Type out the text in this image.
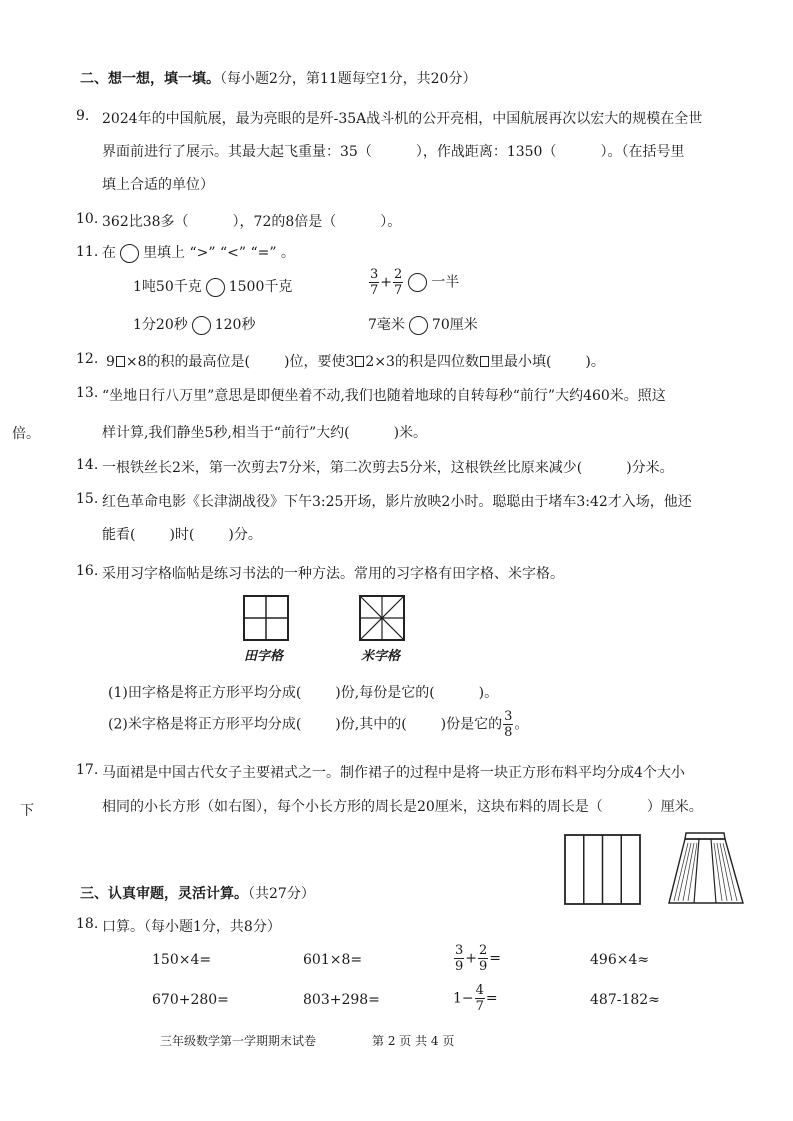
二、想一想，填一填。（每小题2分，第11题每空1分，共20分）
9. 2024年的中国航展，最为亮眼的是歼-35A战斗机的公开亮相，中国航展再次以宏大的规模在全世
界面前进行了展示。其最大起飞重量：35（	），作战距离：1350（	）。（在括号里
填上合适的单位）
10. 362比38多（	），72的8倍是（	）。
11. 在 里填上 “>” “<” “=” 。
1吨50千克 1500千克	$\frac{3}{7} + \frac{2}{7}$ 一半
1分20秒 120秒	7毫米 70厘米
12. 9 ×8的积的最高位是( )位，要使3 2×3的积是四位数 里最小填( )。
13. “坐地日行八万里”意思是即便坐着不动,我们也随着地球的自转每秒“前行”大约460米。照这
样计算,我们静坐5秒,相当于“前行”大约(	)米。
倍。
14. 一根铁丝长2米，第一次剪去7分米，第二次剪去5分米，这根铁丝比原来减少(	)分米。
15. 红色革命电影《长津湖战役》下午3:25开场，影片放映2小时。聪聪由于堵车3:42才入场，他还
能看( )时( )分。
16. 采用习字格临帖是练习书法的一种方法。常用的习字格有田字格、米字格。
田字格	米字格
(1)田字格是将正方形平均分成( )份,每份是它的(	)。
(2)米字格是将正方形平均分成( )份,其中的( )份是它的 $\frac{3}{8}$ 。
17. 马面裙是中国古代女子主要裙式之一。制作裙子的过程中是将一块正方形布料平均分成4个大小
相同的小长方形（如右图），每个小长方形的周长是20厘米，这块布料的周长是（	）厘米。
下
三、认真审题，灵活计算。（共27分）
18. 口算。（每小题1分，共8分）
150×4=	601×8=	$\frac{3}{9} + \frac{2}{9}$ =	496×4≈
670+280=	803+298=	$1- \frac{4}{7}$ =	487-182≈
三年级数学第一学期期末试卷	第 2 页 共 4 页
